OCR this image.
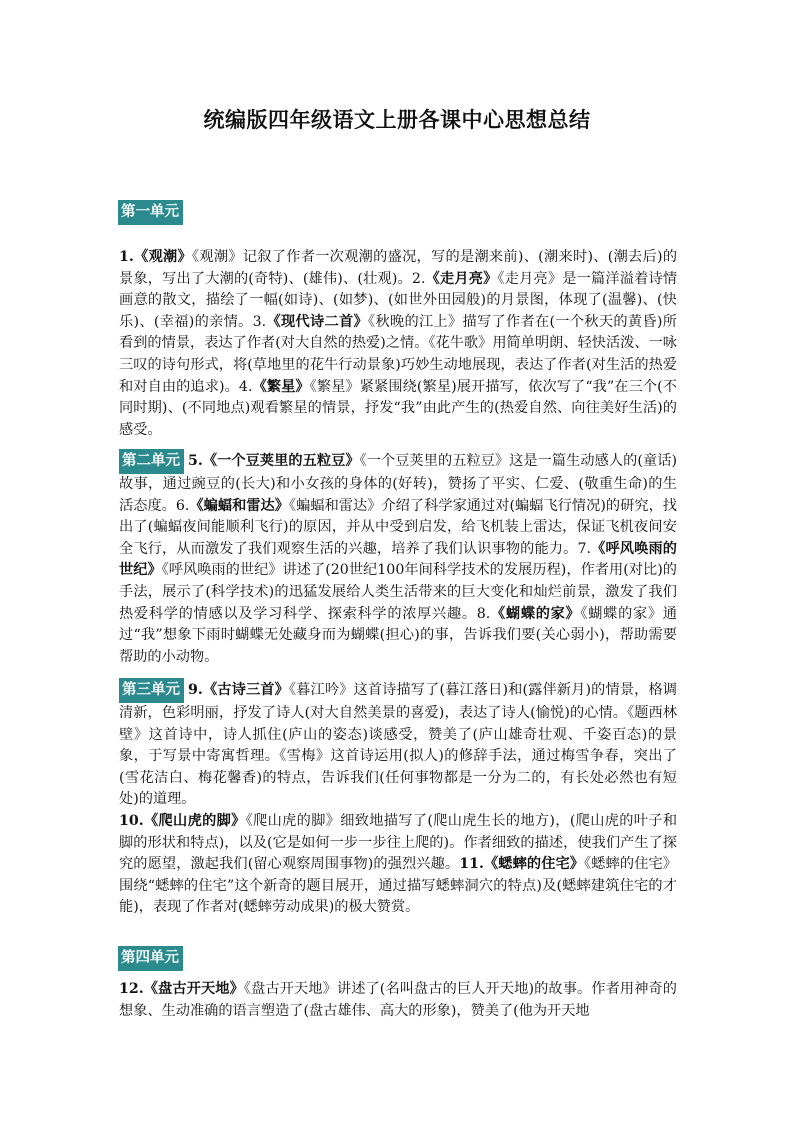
统编版四年级语文上册各课中心思想总结
第一单元
1.《观潮》《观潮》记叙了作者一次观潮的盛况，写的是潮来前)、(潮来时)、(潮去后)的景象，写出了大潮的(奇特)、(雄伟)、(壮观)。2.《走月亮》《走月亮》是一篇洋溢着诗情画意的散文，描绘了一幅(如诗)、(如梦)、(如世外田园般)的月景图，体现了(温馨)、(快乐)、(幸福)的亲情。3.《现代诗二首》《秋晚的江上》描写了作者在(一个秋天的黄昏)所看到的情景，表达了作者(对大自然的热爱)之情。《花牛歌》用简单明朗、轻快活泼、一咏三叹的诗句形式，将(草地里的花牛行动景象)巧妙生动地展现，表达了作者(对生活的热爱和对自由的追求)。4.《繁星》《繁星》紧紧围绕(繁星)展开描写，依次写了“我”在三个(不同时期)、(不同地点)观看繁星的情景，抒发“我”由此产生的(热爱自然、向往美好生活)的感受。
第二单元 5.《一个豆荚里的五粒豆》《一个豆荚里的五粒豆》这是一篇生动感人的(童话)故事，通过豌豆的(长大)和小女孩的身体的(好转)，赞扬了平实、仁爱、(敬重生命)的生活态度。6.《蝙蝠和雷达》《蝙蝠和雷达》介绍了科学家通过对(蝙蝠飞行情况)的研究，找出了(蝙蝠夜间能顺利飞行)的原因，并从中受到启发，给飞机装上雷达，保证飞机夜间安全飞行，从而激发了我们观察生活的兴趣，培养了我们认识事物的能力。7.《呼风唤雨的世纪》《呼风唤雨的世纪》讲述了(20世纪100年间科学技术的发展历程)，作者用(对比)的手法，展示了(科学技术)的迅猛发展给人类生活带来的巨大变化和灿烂前景，激发了我们热爱科学的情感以及学习科学、探索科学的浓厚兴趣。8.《蝴蝶的家》《蝴蝶的家》通过“我”想象下雨时蝴蝶无处藏身而为蝴蝶(担心)的事，告诉我们要(关心弱小)，帮助需要帮助的小动物。
第三单元 9.《古诗三首》《暮江吟》这首诗描写了(暮江落日)和(露伴新月)的情景，格调清新，色彩明丽，抒发了诗人(对大自然美景的喜爱)，表达了诗人(愉悦)的心情。《题西林壁》这首诗中，诗人抓住(庐山的姿态)谈感受，赞美了(庐山雄奇壮观、千姿百态)的景象，于写景中寄寓哲理。《雪梅》这首诗运用(拟人)的修辞手法，通过梅雪争春，突出了(雪花洁白、梅花馨香)的特点，告诉我们(任何事物都是一分为二的，有长处必然也有短处)的道理。
10.《爬山虎的脚》《爬山虎的脚》细致地描写了(爬山虎生长的地方)，(爬山虎的叶子和脚的形状和特点)，以及(它是如何一步一步往上爬的)。作者细致的描述，使我们产生了探究的愿望，激起我们(留心观察周围事物)的强烈兴趣。11.《蟋蟀的住宅》《蟋蟀的住宅》围绕“蟋蟀的住宅”这个新奇的题目展开，通过描写蟋蟀洞穴的特点)及(蟋蟀建筑住宅的才能)，表现了作者对(蟋蟀劳动成果)的极大赞赏。
第四单元
12.《盘古开天地》《盘古开天地》讲述了(名叫盘古的巨人开天地)的故事。作者用神奇的想象、生动准确的语言塑造了(盘古雄伟、高大的形象)，赞美了(他为开天地
